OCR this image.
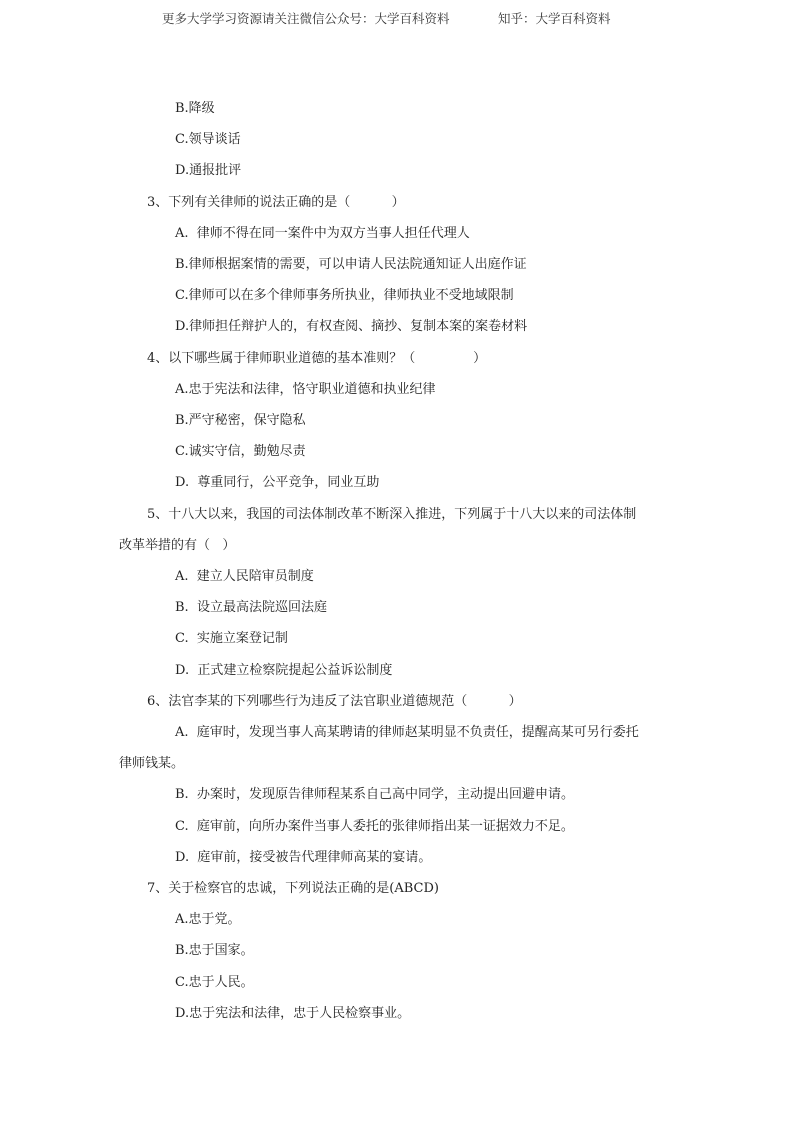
更多大学学习资源请关注微信公众号：大学百科资料	知乎：大学百科资料
B.降级
C.领导谈话
D.通报批评
3、下列有关律师的说法正确的是（          ）
A.  律师不得在同一案件中为双方当事人担任代理人
B.律师根据案情的需要，可以申请人民法院通知证人出庭作证
C.律师可以在多个律师事务所执业，律师执业不受地域限制
D.律师担任辩护人的，有权查阅、摘抄、复制本案的案卷材料
4、以下哪些属于律师职业道德的基本准则？（              ）
A.忠于宪法和法律，恪守职业道德和执业纪律
B.严守秘密，保守隐私
C.诚实守信，勤勉尽责
D.  尊重同行，公平竞争，同业互助
5、十八大以来，我国的司法体制改革不断深入推进，下列属于十八大以来的司法体制
改革举措的有（   ）
A.  建立人民陪审员制度
B.  设立最高法院巡回法庭
C.  实施立案登记制
D.  正式建立检察院提起公益诉讼制度
6、法官李某的下列哪些行为违反了法官职业道德规范（          ）
A.  庭审时，发现当事人高某聘请的律师赵某明显不负责任，提醒高某可另行委托
律师钱某。
B.  办案时，发现原告律师程某系自己高中同学，主动提出回避申请。
C.  庭审前，向所办案件当事人委托的张律师指出某一证据效力不足。
D.  庭审前，接受被告代理律师高某的宴请。
7、关于检察官的忠诚，下列说法正确的是(ABCD)
A.忠于党。
B.忠于国家。
C.忠于人民。
D.忠于宪法和法律，忠于人民检察事业。
